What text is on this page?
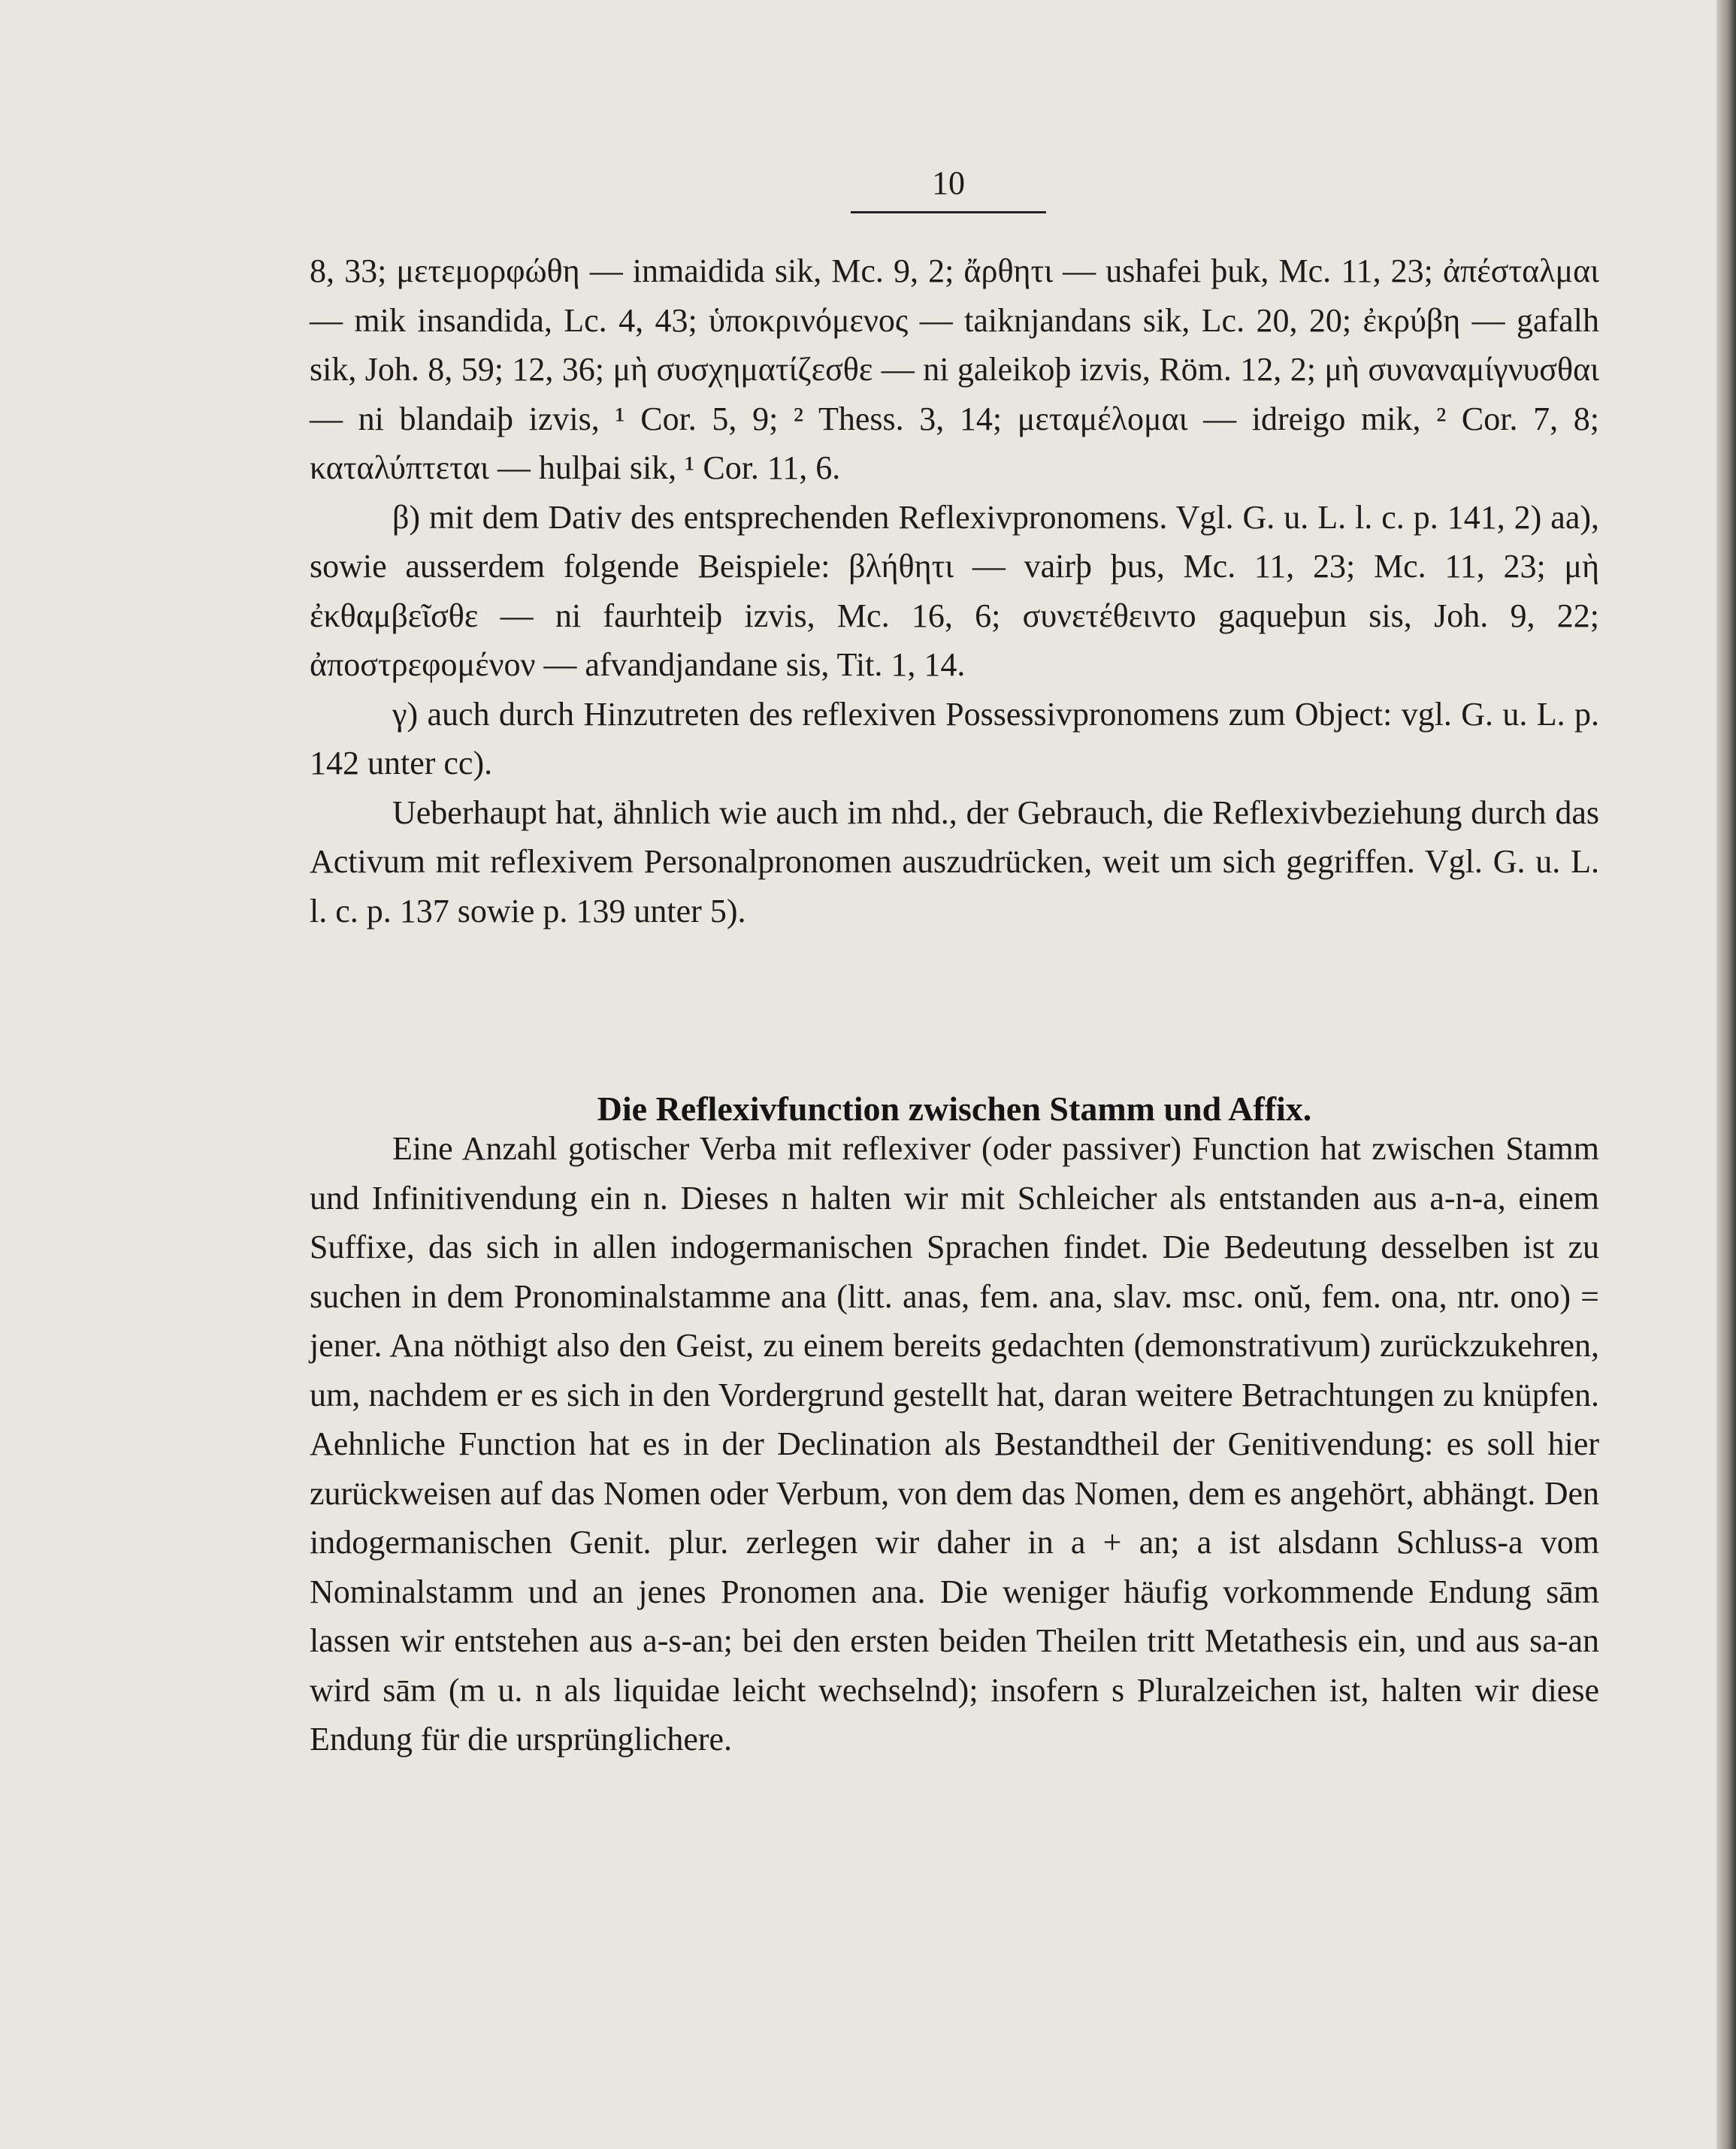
10

8, 33; μετεμορφώθη — inmaidida sik, Mc. 9, 2; ἄρθητι — ushafei þuk, Mc. 11, 23; ἀπέσταλμαι — mik insandida, Lc. 4, 43; ὑποκρινόμενος — taiknjandans sik, Lc. 20, 20; ἐκρύβη — gafalh sik, Joh. 8, 59; 12, 36; μὴ συσχηματίζεσθε — ni galeikoþ izvis, Röm. 12, 2; μὴ συναναμίγνυσθαι — ni blandaiþ izvis, ¹ Cor. 5, 9; ² Thess. 3, 14; μεταμέλομαι — idreigo mik, ² Cor. 7, 8; καταλύπτεται — hulþai sik, ¹ Cor. 11, 6.

β) mit dem Dativ des entsprechenden Reflexivpronomens. Vgl. G. u. L. l. c. p. 141, 2) aa), sowie ausserdem folgende Beispiele: βλήθητι — vairþ þus, Mc. 11, 23; Mc. 11, 23; μὴ ἐκθαμβεῖσθε — ni faurhteiþ izvis, Mc. 16, 6; συνετέθειντο gaqueþun sis, Joh. 9, 22; ἀποστρεφομένον — afvandjandane sis, Tit. 1, 14.

γ) auch durch Hinzutreten des reflexiven Possessivpronomens zum Object: vgl. G. u. L. p. 142 unter cc).

Ueberhaupt hat, ähnlich wie auch im nhd., der Gebrauch, die Reflexivbeziehung durch das Activum mit reflexivem Personalpronomen auszudrücken, weit um sich gegriffen. Vgl. G. u. L. l. c. p. 137 sowie p. 139 unter 5).

Die Reflexivfunction zwischen Stamm und Affix.

Eine Anzahl gotischer Verba mit reflexiver (oder passiver) Function hat zwischen Stamm und Infinitivendung ein n. Dieses n halten wir mit Schleicher als entstanden aus a-n-a, einem Suffixe, das sich in allen indogermanischen Sprachen findet. Die Bedeutung desselben ist zu suchen in dem Pronominalstamme ana (litt. anas, fem. ana, slav. msc. onŭ, fem. ona, ntr. ono) = jener. Ana nöthigt also den Geist, zu einem bereits gedachten (demonstrativum) zurückzukehren, um, nachdem er es sich in den Vordergrund gestellt hat, daran weitere Betrachtungen zu knüpfen. Aehnliche Function hat es in der Declination als Bestandtheil der Genitivendung: es soll hier zurückweisen auf das Nomen oder Verbum, von dem das Nomen, dem es angehört, abhängt. Den indogermanischen Genit. plur. zerlegen wir daher in a + an; a ist alsdann Schluss-a vom Nominalstamm und an jenes Pronomen ana. Die weniger häufig vorkommende Endung sām lassen wir entstehen aus a-s-an; bei den ersten beiden Theilen tritt Metathesis ein, und aus sa-an wird sām (m u. n als liquidae leicht wechselnd); insofern s Pluralzeichen ist, halten wir diese Endung für die ursprünglichere.
